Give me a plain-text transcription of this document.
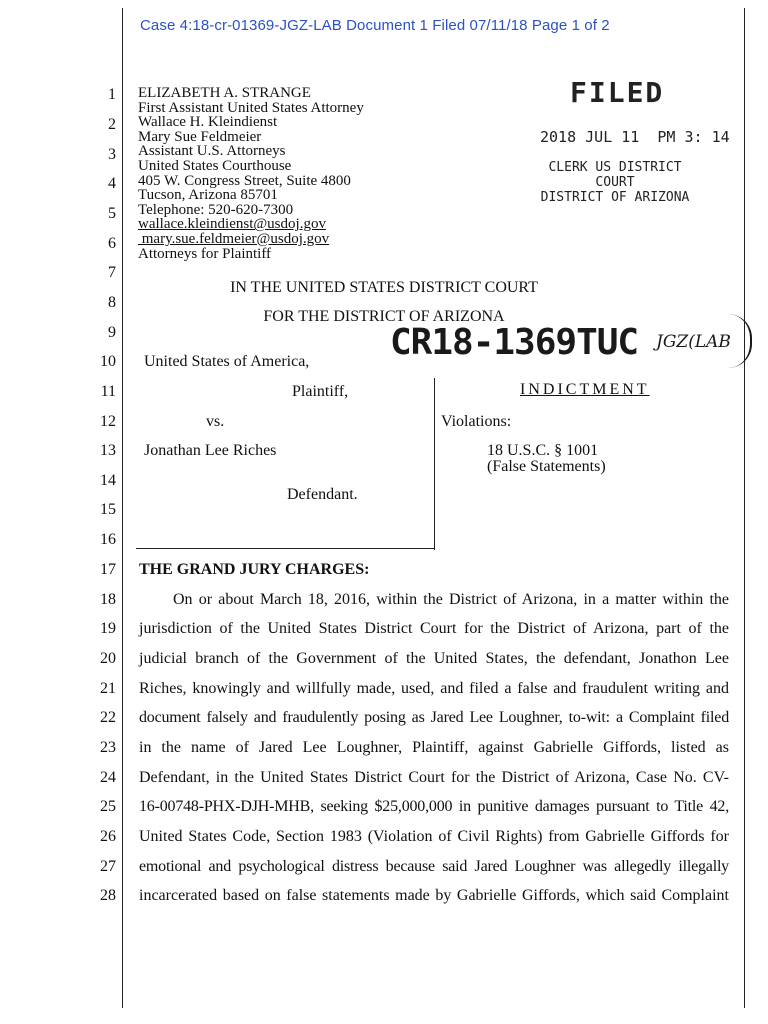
Case 4:18-cr-01369-JGZ-LAB Document 1 Filed 07/11/18 Page 1 of 2
1
2
3
4
5
6
7
8
9
10
11
12
13
14
15
16
17
18
19
20
21
22
23
24
25
26
27
28
ELIZABETH A. STRANGE
First Assistant United States Attorney
Wallace H. Kleindienst
Mary Sue Feldmeier
Assistant U.S. Attorneys
United States Courthouse
405 W. Congress Street, Suite 4800
Tucson, Arizona 85701
Telephone: 520-620-7300
wallace.kleindienst@usdoj.gov
mary.sue.feldmeier@usdoj.gov
Attorneys for Plaintiff
FILED
2018 JUL 11  PM 3: 14
CLERK US DISTRICT COURT
DISTRICT OF ARIZONA
IN THE UNITED STATES DISTRICT COURT
FOR THE DISTRICT OF ARIZONA
CR18-1369TUC JGZ(LAB
United States of America,
Plaintiff,
vs.
Jonathan Lee Riches
Defendant.
INDICTMENT
Violations:
18 U.S.C. § 1001
(False Statements)
THE GRAND JURY CHARGES:
On or about March 18, 2016, within the District of Arizona, in a matter within the
jurisdiction of the United States District Court for the District of Arizona, part of the
judicial branch of the Government of the United States, the defendant, Jonathon Lee
Riches, knowingly and willfully made, used, and filed a false and fraudulent writing and
document falsely and fraudulently posing as Jared Lee Loughner, to-wit: a Complaint filed
in the name of Jared Lee Loughner, Plaintiff, against Gabrielle Giffords, listed as
Defendant, in the United States District Court for the District of Arizona, Case No. CV-
16-00748-PHX-DJH-MHB, seeking $25,000,000 in punitive damages pursuant to Title 42,
United States Code, Section 1983 (Violation of Civil Rights) from Gabrielle Giffords for
emotional and psychological distress because said Jared Loughner was allegedly illegally
incarcerated based on false statements made by Gabrielle Giffords, which said Complaint
